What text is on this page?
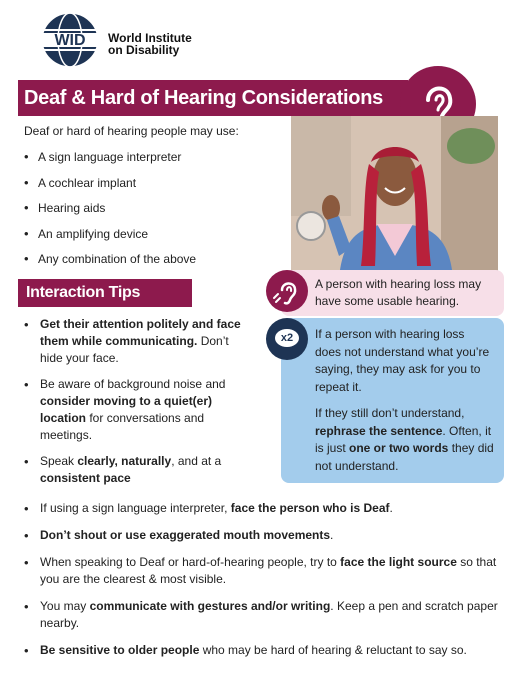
WID World Institute
on Disability
Deaf & Hard of Hearing Considerations
Deaf or hard of hearing people may use:
• A sign language interpreter
• A cochlear implant
• Hearing aids
• An amplifying device
• Any combination of the above
Interaction Tips
• Get their attention politely and face them while communicating. Don’t hide your face.
• Be aware of background noise and consider moving to a quiet(er) location for conversations and meetings.
• Speak clearly, naturally, and at a consistent pace
A person with hearing loss may have some usable hearing.
If a person with hearing loss does not understand what you’re saying, they may ask for you to repeat it.
If they still don’t understand, rephrase the sentence. Often, it is just one or two words they did not understand.
x2
• If using a sign language interpreter, face the person who is Deaf.
• Don’t shout or use exaggerated mouth movements.
• When speaking to Deaf or hard-of-hearing people, try to face the light source so that you are the clearest & most visible.
• You may communicate with gestures and/or writing. Keep a pen and scratch paper nearby.
• Be sensitive to older people who may be hard of hearing & reluctant to say so.
